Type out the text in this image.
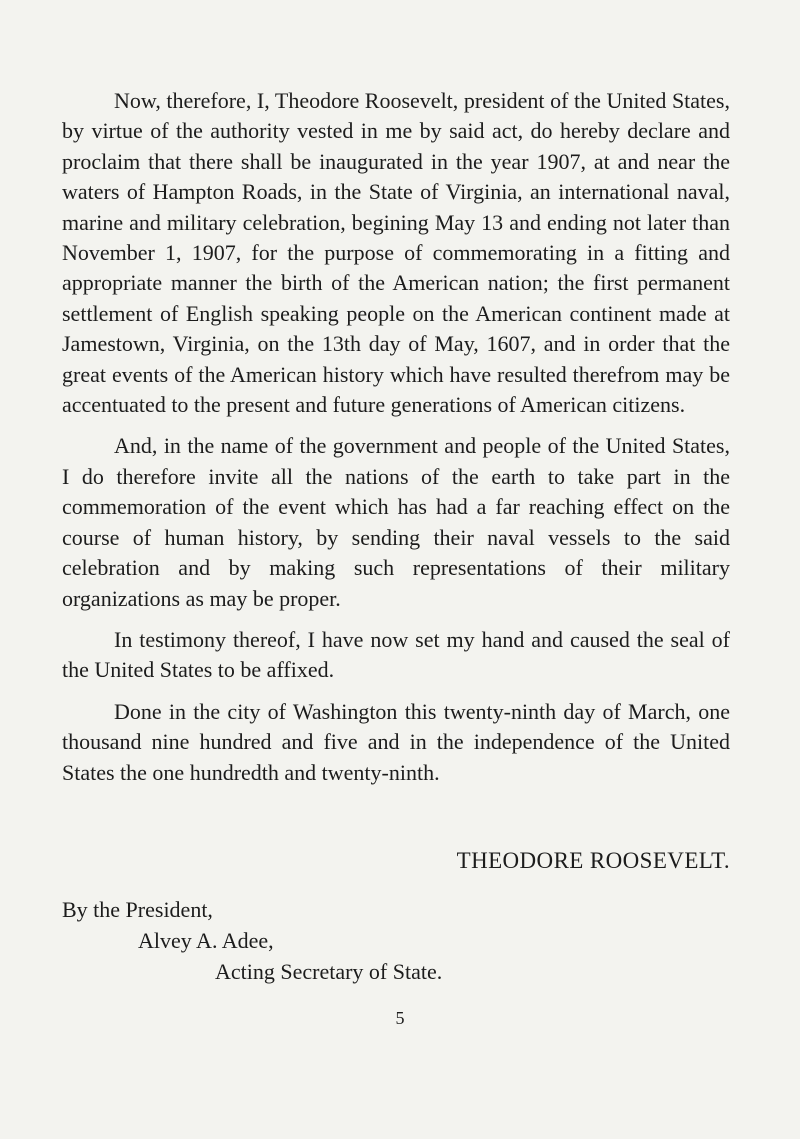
Now, therefore, I, Theodore Roosevelt, president of the United States, by virtue of the authority vested in me by said act, do hereby declare and proclaim that there shall be inaugurated in the year 1907, at and near the waters of Hampton Roads, in the State of Virginia, an international naval, marine and military celebration, begining May 13 and ending not later than November 1, 1907, for the purpose of commemorating in a fitting and appropriate manner the birth of the American nation; the first permanent settlement of English speaking people on the American continent made at Jamestown, Virginia, on the 13th day of May, 1607, and in order that the great events of the American history which have resulted therefrom may be accentuated to the present and future generations of American citizens.

And, in the name of the government and people of the United States, I do therefore invite all the nations of the earth to take part in the commemoration of the event which has had a far reaching effect on the course of human history, by sending their naval vessels to the said celebration and by making such representations of their military organizations as may be proper.

In testimony thereof, I have now set my hand and caused the seal of the United States to be affixed.

Done in the city of Washington this twenty-ninth day of March, one thousand nine hundred and five and in the independence of the United States the one hundredth and twenty-ninth.

THEODORE ROOSEVELT.
By the President,
Alvey A. Adee,
Acting Secretary of State.
5
